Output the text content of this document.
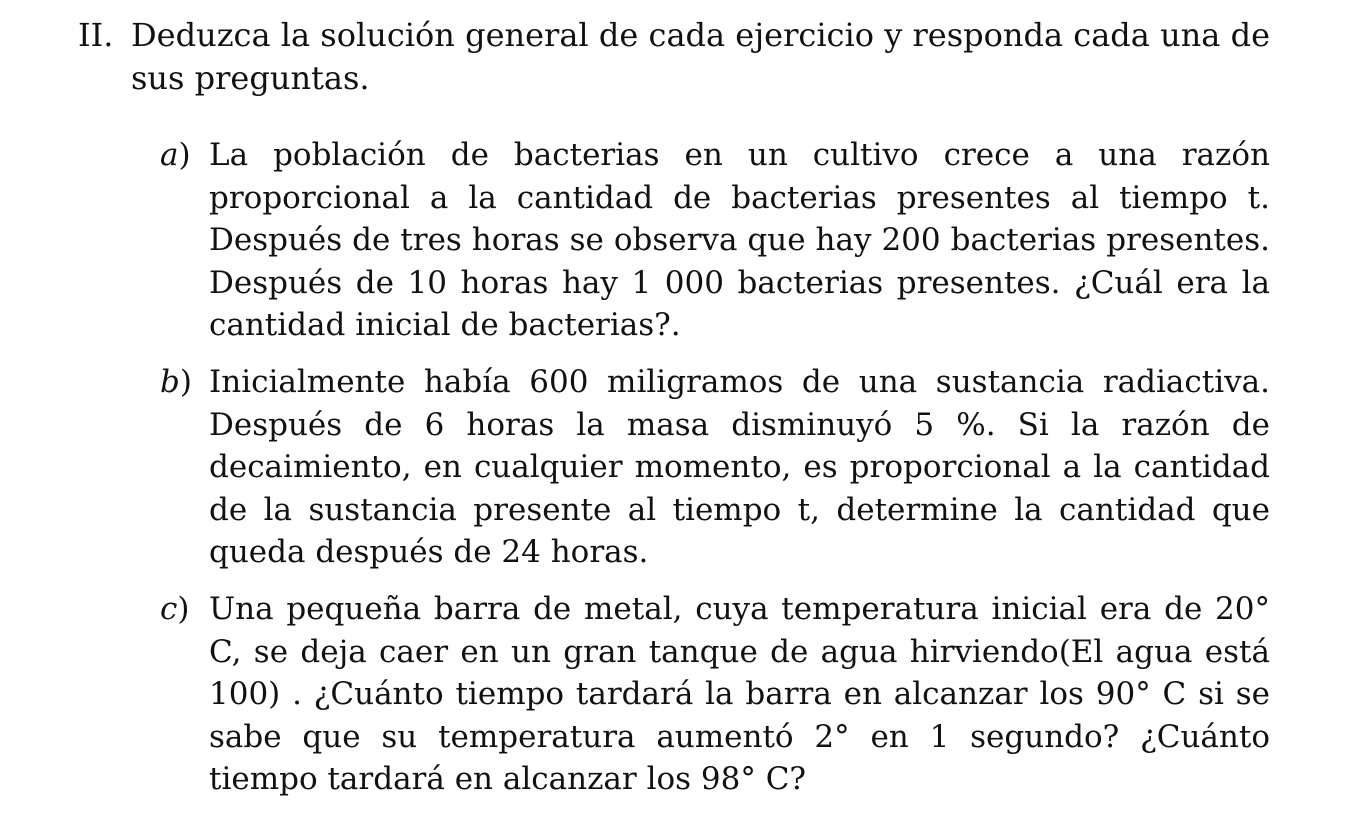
II. Deduzca la solución general de cada ejercicio y responda cada una de sus preguntas.
a) La población de bacterias en un cultivo crece a una razón proporcional a la cantidad de bacterias presentes al tiempo t. Después de tres horas se observa que hay 200 bacterias presentes. Después de 10 horas hay 1 000 bacterias presentes. ¿Cuál era la cantidad inicial de bacterias?.
b) Inicialmente había 600 miligramos de una sustancia radiactiva. Después de 6 horas la masa disminuyó 5 %. Si la razón de decaimiento, en cualquier momento, es proporcional a la cantidad de la sustancia presente al tiempo t, determine la cantidad que queda después de 24 horas.
c) Una pequeña barra de metal, cuya temperatura inicial era de 20° C, se deja caer en un gran tanque de agua hirviendo(El agua está 100) . ¿Cuánto tiempo tardará la barra en alcanzar los 90° C si se sabe que su temperatura aumentó 2° en 1 segundo? ¿Cuánto tiempo tardará en alcanzar los 98° C?
